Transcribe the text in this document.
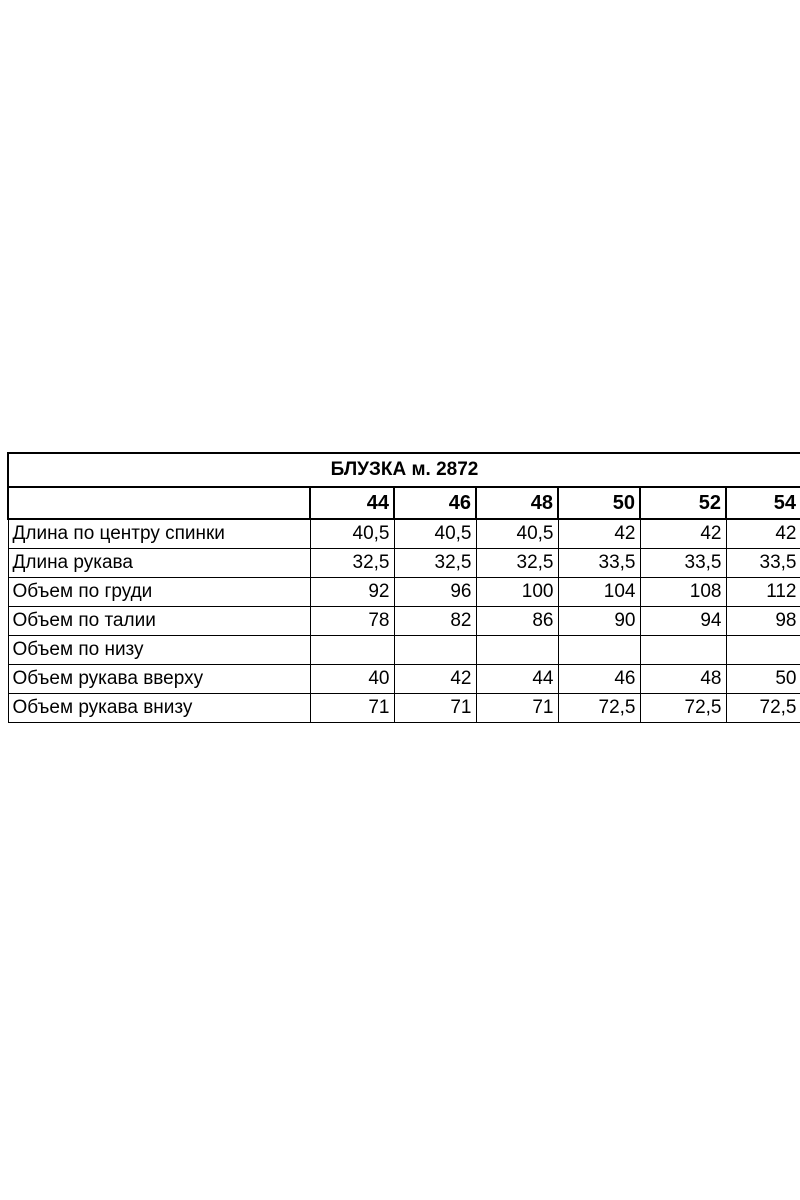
БЛУЗКА м. 2872						
	44	46	48	50	52	54
Длина по центру спинки	40,5	40,5	40,5	42	42	42
Длина рукава	32,5	32,5	32,5	33,5	33,5	33,5
Объем по груди	92	96	100	104	108	112
Объем по талии	78	82	86	90	94	98
Объем по низу						
Объем рукава вверху	40	42	44	46	48	50
Объем рукава внизу	71	71	71	72,5	72,5	72,5
